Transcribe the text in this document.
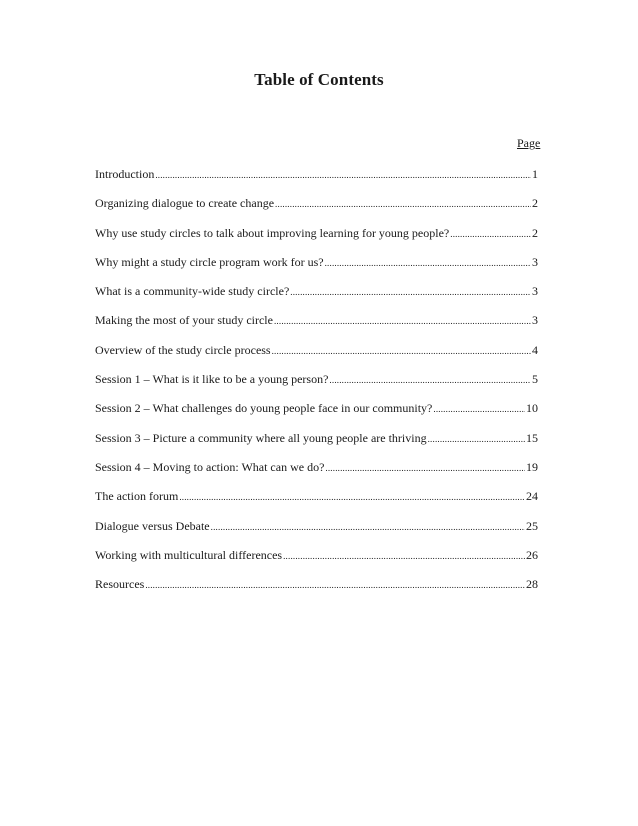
Table of Contents
Page
Introduction .....	1
Organizing dialogue to create change .....	2
Why use study circles to talk about improving learning for young people? .....	2
Why might a study circle program work for us? .....	3
What is a community-wide study circle? .....	3
Making the most of your study circle .....	3
Overview of the study circle process .....	4
Session 1 – What is it like to be a young person? .....	5
Session 2 – What challenges do young people face in our community? .....	10
Session 3 – Picture a community where all young people are thriving .....	15
Session 4 – Moving to action: What can we do? .....	19
The action forum .....	24
Dialogue versus Debate .....	25
Working with multicultural differences .....	26
Resources .....	28
